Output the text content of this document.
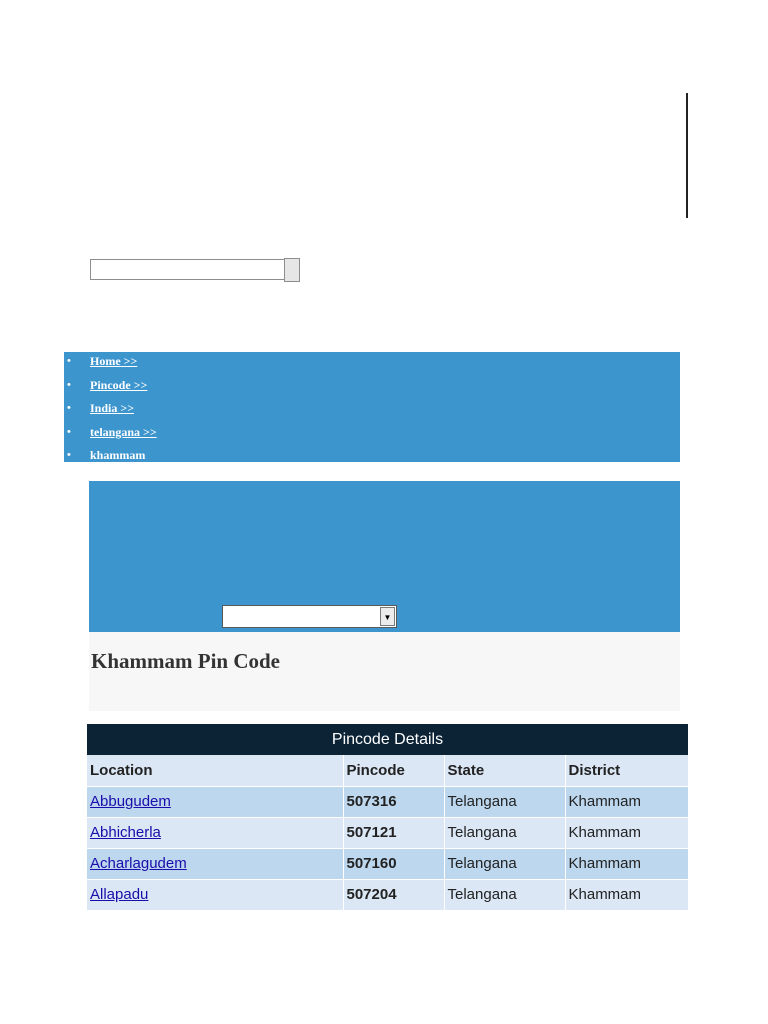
• Home >>
• Pincode >>
• India >>
• telangana >>
• khammam
▼
Khammam Pin Code
Pincode Details
Location	Pincode	State	District
Abbugudem	507316	Telangana	Khammam
Abhicherla	507121	Telangana	Khammam
Acharlagudem	507160	Telangana	Khammam
Allapadu	507204	Telangana	Khammam
